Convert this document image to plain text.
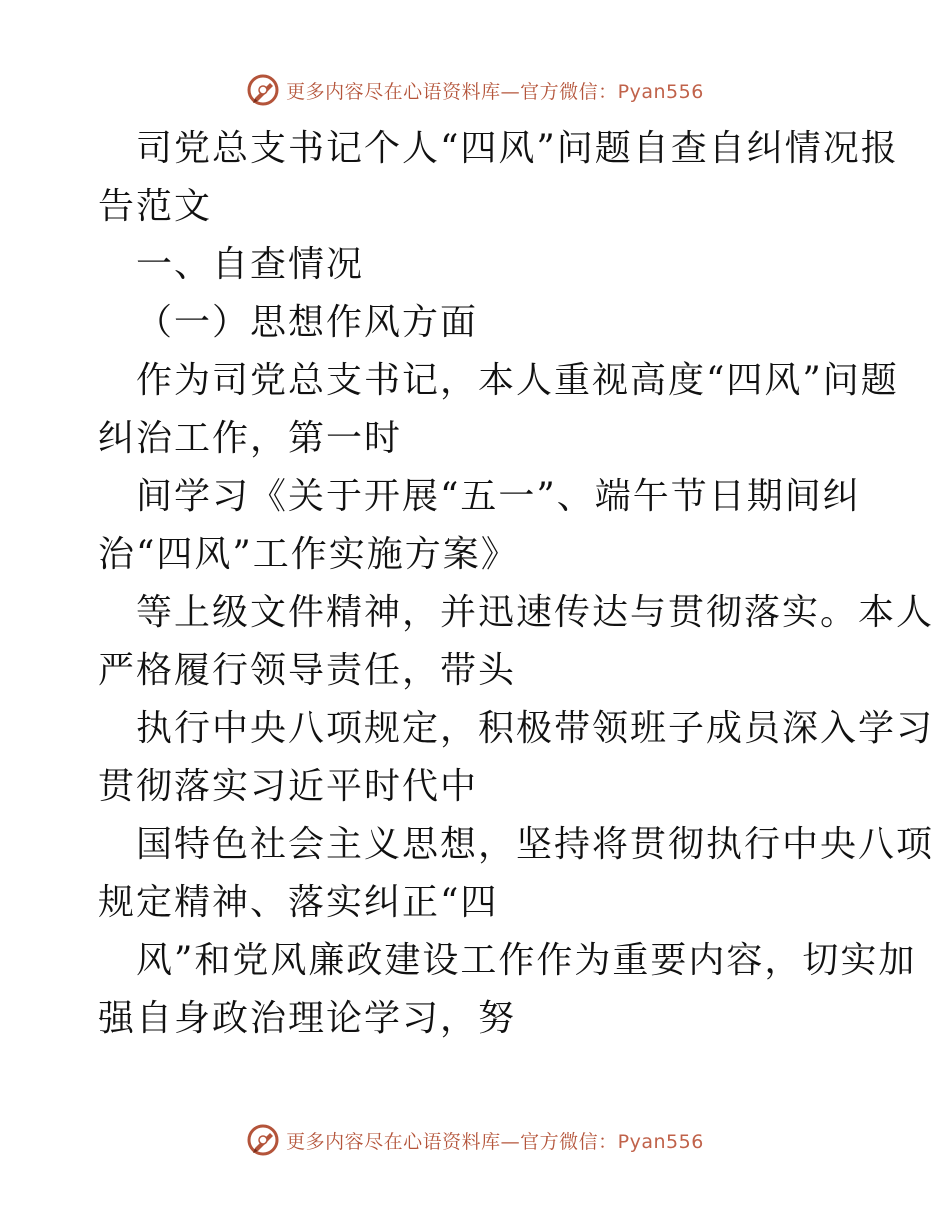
更多内容尽在心语资料库—官方微信：Pyan556
司党总支书记个人“四风”问题自查自纠情况报
告范文
一、自查情况
（一）思想作风方面
作为司党总支书记，本人重视高度“四风”问题
纠治工作，第一时
间学习《关于开展“五一”、端午节日期间纠
治“四风”工作实施方案》
等上级文件精神，并迅速传达与贯彻落实。本人
严格履行领导责任，带头
执行中央八项规定，积极带领班子成员深入学习
贯彻落实习近平时代中
国特色社会主义思想，坚持将贯彻执行中央八项
规定精神、落实纠正“四
风”和党风廉政建设工作作为重要内容，切实加
强自身政治理论学习，努
更多内容尽在心语资料库—官方微信：Pyan556
